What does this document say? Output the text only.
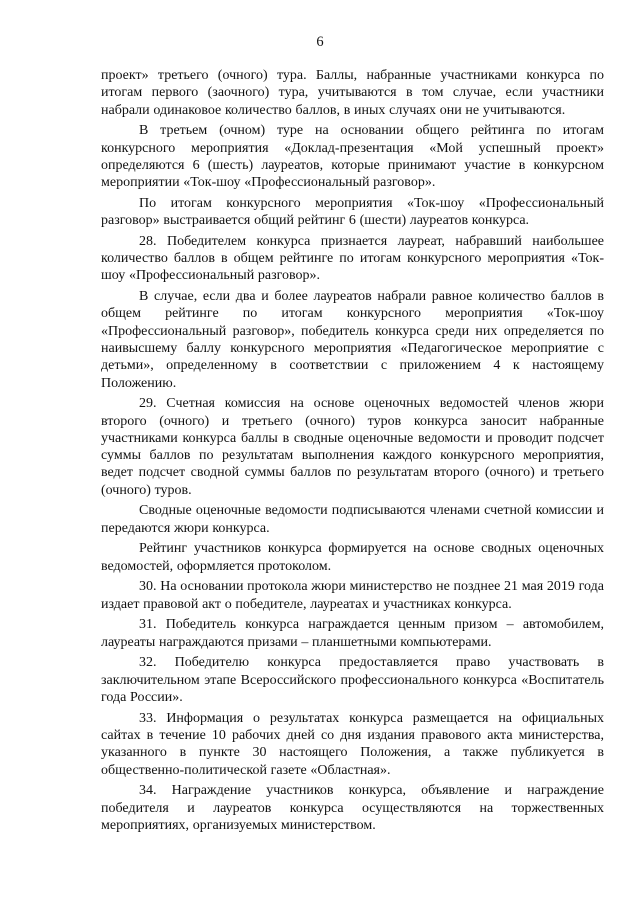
6

проект» третьего (очного) тура. Баллы, набранные участниками конкурса по итогам первого (заочного) тура, учитываются в том случае, если участники набрали одинаковое количество баллов, в иных случаях они не учитываются.

В третьем (очном) туре на основании общего рейтинга по итогам конкурсного мероприятия «Доклад-презентация «Мой успешный проект» определяются 6 (шесть) лауреатов, которые принимают участие в конкурсном мероприятии «Ток-шоу «Профессиональный разговор».

По итогам конкурсного мероприятия «Ток-шоу «Профессиональный разговор» выстраивается общий рейтинг 6 (шести) лауреатов конкурса.

28. Победителем конкурса признается лауреат, набравший наибольшее количество баллов в общем рейтинге по итогам конкурсного мероприятия «Ток-шоу «Профессиональный разговор».

В случае, если два и более лауреатов набрали равное количество баллов в общем рейтинге по итогам конкурсного мероприятия «Ток-шоу «Профессиональный разговор», победитель конкурса среди них определяется по наивысшему баллу конкурсного мероприятия «Педагогическое мероприятие с детьми», определенному в соответствии с приложением 4 к настоящему Положению.

29. Счетная комиссия на основе оценочных ведомостей членов жюри второго (очного) и третьего (очного) туров конкурса заносит набранные участниками конкурса баллы в сводные оценочные ведомости и проводит подсчет суммы баллов по результатам выполнения каждого конкурсного мероприятия, ведет подсчет сводной суммы баллов по результатам второго (очного) и третьего (очного) туров.

Сводные оценочные ведомости подписываются членами счетной комиссии и передаются жюри конкурса.

Рейтинг участников конкурса формируется на основе сводных оценочных ведомостей, оформляется протоколом.

30. На основании протокола жюри министерство не позднее 21 мая 2019 года издает правовой акт о победителе, лауреатах и участниках конкурса.

31. Победитель конкурса награждается ценным призом – автомобилем, лауреаты награждаются призами – планшетными компьютерами.

32. Победителю конкурса предоставляется право участвовать в заключительном этапе Всероссийского профессионального конкурса «Воспитатель года России».

33. Информация о результатах конкурса размещается на официальных сайтах в течение 10 рабочих дней со дня издания правового акта министерства, указанного в пункте 30 настоящего Положения, а также публикуется в общественно-политической газете «Областная».

34. Награждение участников конкурса, объявление и награждение победителя и лауреатов конкурса осуществляются на торжественных мероприятиях, организуемых министерством.
